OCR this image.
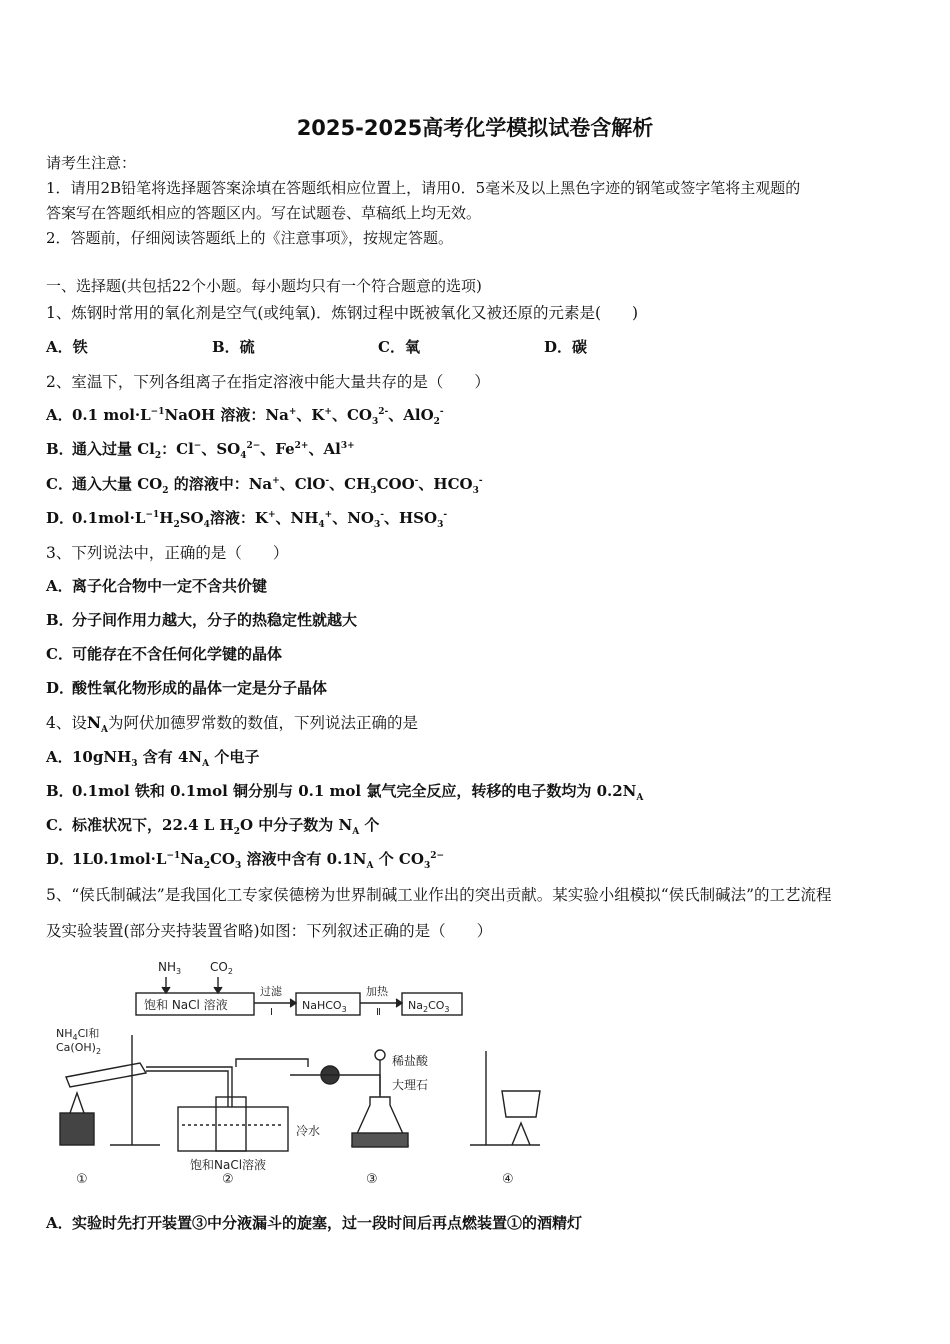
2025-2025高考化学模拟试卷含解析
请考生注意：
1．请用2B铅笔将选择题答案涂填在答题纸相应位置上，请用0．5毫米及以上黑色字迹的钢笔或签字笔将主观题的
答案写在答题纸相应的答题区内。写在试题卷、草稿纸上均无效。
2．答题前，仔细阅读答题纸上的《注意事项》，按规定答题。
一、选择题(共包括22个小题。每小题均只有一个符合题意的选项)
1、炼钢时常用的氧化剂是空气(或纯氧)．炼钢过程中既被氧化又被还原的元素是(　　)
A．铁	B．硫	C．氧	D．碳
2、室温下，下列各组离子在指定溶液中能大量共存的是（　　）
A．0.1 $mol\cdot L^{-1}NaOH$ 溶液：Na+、K+、$CO_3^{2-}$、AlO$_2$-
B．通入过量 $Cl_2$：Cl−、$SO_4^{2-}$、$Fe^{2+}$、$Al^{3+}$
C．通入大量 $CO_2$ 的溶液中：Na+、ClO-、$CH_3COO^-$、$HCO_3^-$
D．$0.1mol\cdot L^{-1}H_2SO_4$溶液：K+、$NH_4^+$、$NO_3^-$、$HSO_3^-$
3、下列说法中，正确的是（　　）
A．离子化合物中一定不含共价键
B．分子间作用力越大，分子的热稳定性就越大
C．可能存在不含任何化学键的晶体
D．酸性氧化物形成的晶体一定是分子晶体
4、设$N_A$为阿伏加德罗常数的数值，下列说法正确的是
A．10gNH$_3$ 含有 $4N_A$ 个电子
B．0.1mol 铁和 0.1mol 铜分别与 0.1 mol 氯气完全反应，转移的电子数均为 $0.2N_A$
C．标准状况下，22.4 L $H_2O$ 中分子数为 $N_A$ 个
D．$1L0.1mol\cdot L^{-1}Na_2CO_3$ 溶液中含有 $0.1N_A$ 个 $CO_3^{2-}$
5、“侯氏制碱法”是我国化工专家侯德榜为世界制碱工业作出的突出贡献。某实验小组模拟“侯氏制碱法”的工艺流程
及实验装置(部分夹持装置省略)如图：下列叙述正确的是（　　）
$NH_3$ $CO_2$
饱和 NaCl 溶液
过滤
Ⅰ
NaHCO$_3$
加热
Ⅱ
$Na_2CO_3$
$NH_4Cl$和
$Ca(OH)_2$
冷水
饱和NaCl溶液
稀盐酸
大理石
①	②	③	④
A．实验时先打开装置③中分液漏斗的旋塞，过一段时间后再点燃装置①的酒精灯
